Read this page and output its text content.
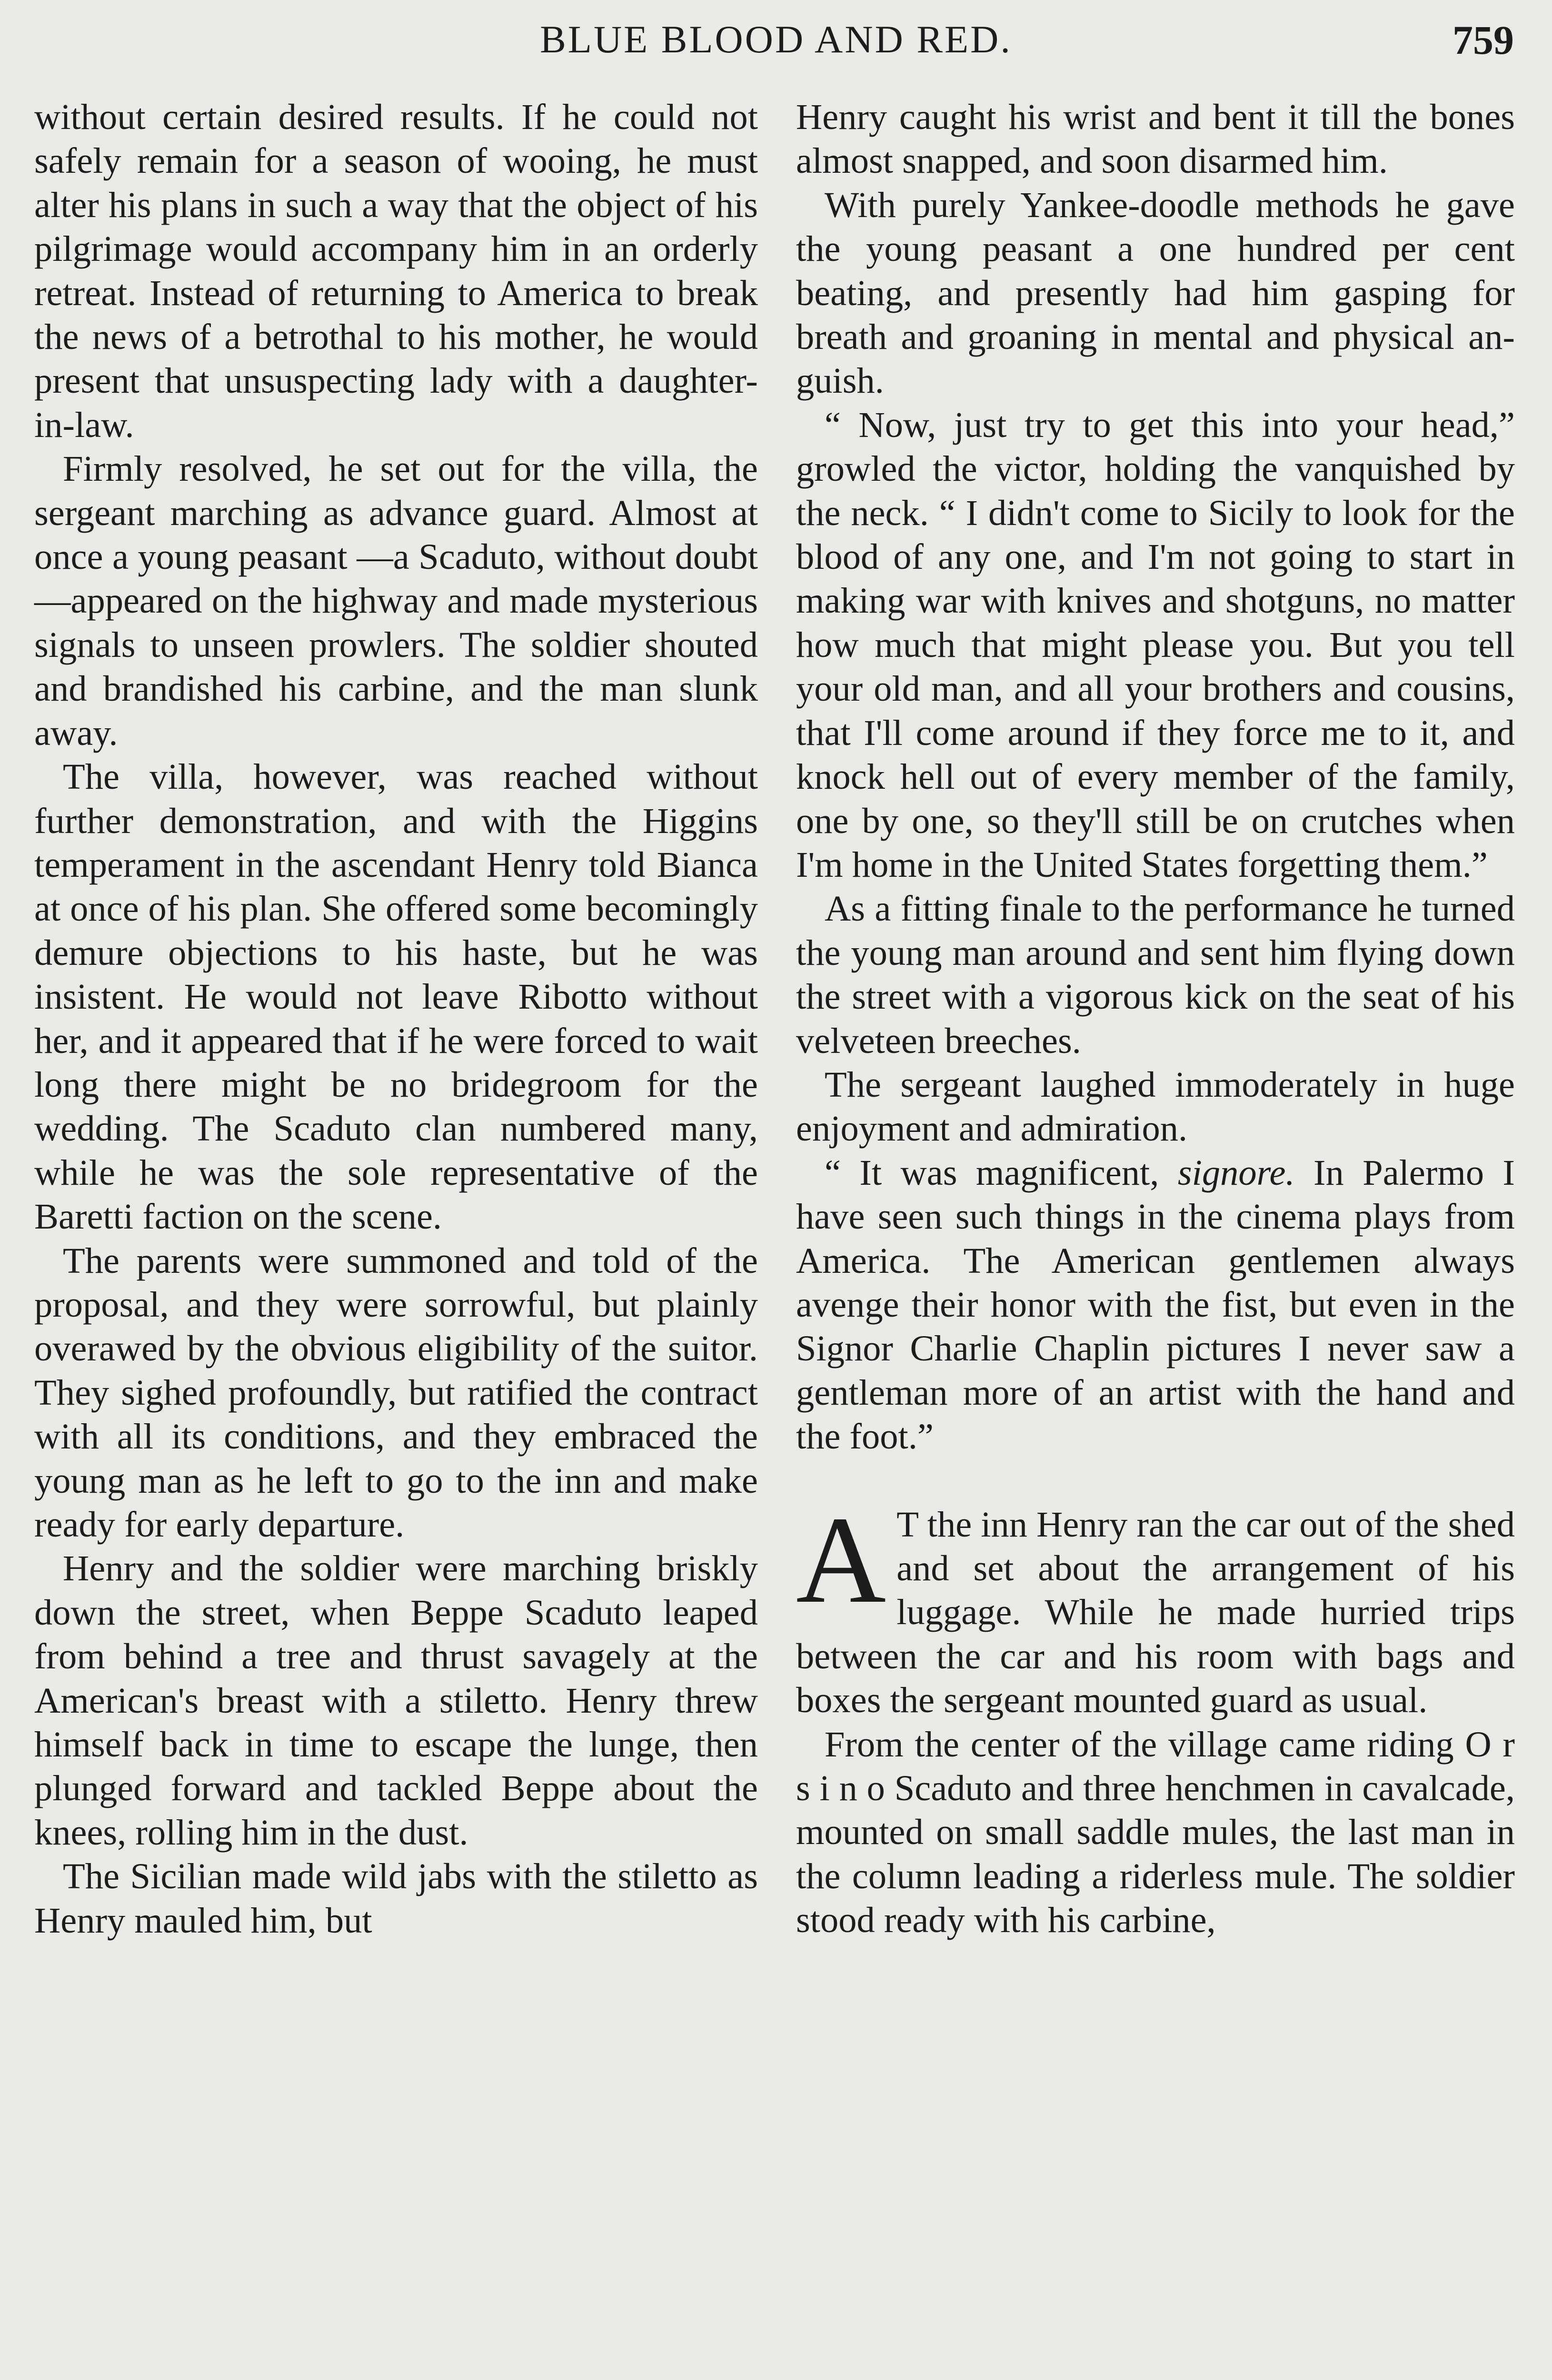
BLUE BLOOD AND RED.	759

without certain desired results. If he could not safely remain for a season of wooing, he must alter his plans in such a way that the object of his pilgrimage would accompany him in an orderly retreat. Instead of returning to America to break the news of a betrothal to his mother, he would present that unsuspecting lady with a daughter-in-law.

Firmly resolved, he set out for the villa, the sergeant marching as advance guard. Almost at once a young peasant —a Scaduto, without doubt—appeared on the highway and made mysterious signals to unseen prowlers. The soldier shouted and brandished his carbine, and the man slunk away.

The villa, however, was reached without further demonstration, and with the Higgins temperament in the ascendant Henry told Bianca at once of his plan. She offered some becomingly demure objections to his haste, but he was insistent. He would not leave Ribotto without her, and it appeared that if he were forced to wait long there might be no bridegroom for the wedding. The Scaduto clan numbered many, while he was the sole representative of the Baretti faction on the scene.

The parents were summoned and told of the proposal, and they were sorrowful, but plainly overawed by the obvious eligibility of the suitor. They sighed profoundly, but ratified the contract with all its conditions, and they embraced the young man as he left to go to the inn and make ready for early departure.

Henry and the soldier were marching briskly down the street, when Beppe Scaduto leaped from behind a tree and thrust savagely at the American's breast with a stiletto. Henry threw himself back in time to escape the lunge, then plunged forward and tackled Beppe about the knees, rolling him in the dust.

The Sicilian made wild jabs with the stiletto as Henry mauled him, but

Henry caught his wrist and bent it till the bones almost snapped, and soon disarmed him.

With purely Yankee-doodle methods he gave the young peasant a one hundred per cent beating, and presently had him gasping for breath and groaning in mental and physical anguish.

“ Now, just try to get this into your head,” growled the victor, holding the vanquished by the neck. “ I didn't come to Sicily to look for the blood of any one, and I'm not going to start in making war with knives and shotguns, no matter how much that might please you. But you tell your old man, and all your brothers and cousins, that I'll come around if they force me to it, and knock hell out of every member of the family, one by one, so they'll still be on crutches when I'm home in the United States forgetting them.”

As a fitting finale to the performance he turned the young man around and sent him flying down the street with a vigorous kick on the seat of his velveteen breeches.

The sergeant laughed immoderately in huge enjoyment and admiration.

“ It was magnificent, signore. In Palermo I have seen such things in the cinema plays from America. The American gentlemen always avenge their honor with the fist, but even in the Signor Charlie Chaplin pictures I never saw a gentleman more of an artist with the hand and the foot.”

A T the inn Henry ran the car out of the shed and set about the arrangement of his luggage. While he made hurried trips between the car and his room with bags and boxes the sergeant mounted guard as usual.

From the center of the village came riding O r s i n o Scaduto and three henchmen in cavalcade, mounted on small saddle mules, the last man in the column leading a riderless mule. The soldier stood ready with his carbine,
